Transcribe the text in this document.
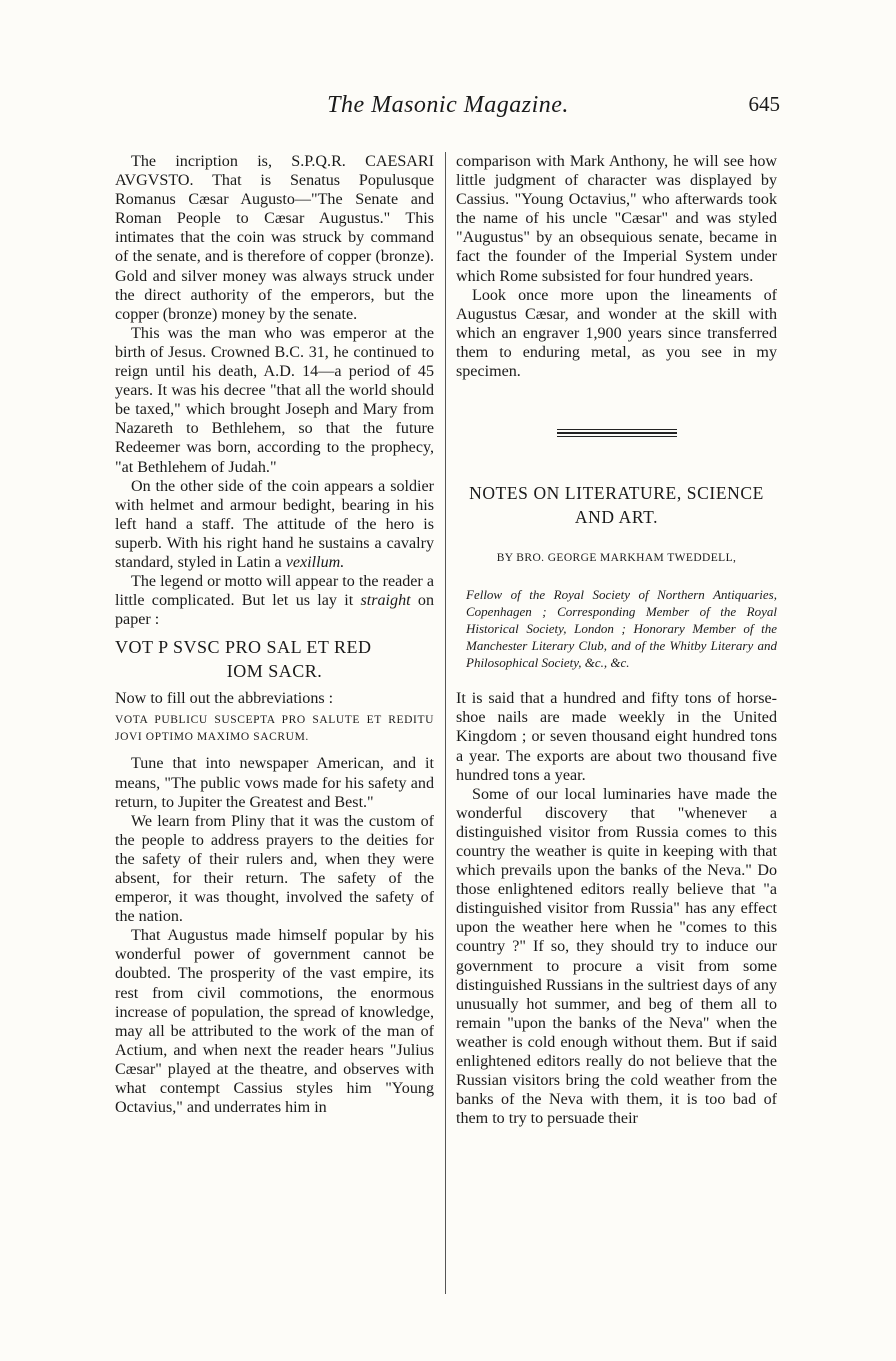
The Masonic Magazine.	645

The incription is, S.P.Q.R. CAESARI AVGVSTO. That is Senatus Populusque Romanus Cæsar Augusto—"The Senate and Roman People to Cæsar Augustus." This intimates that the coin was struck by command of the senate, and is therefore of copper (bronze). Gold and silver money was always struck under the direct authority of the emperors, but the copper (bronze) money by the senate.

This was the man who was emperor at the birth of Jesus. Crowned B.C. 31, he continued to reign until his death, A.D. 14—a period of 45 years. It was his decree "that all the world should be taxed," which brought Joseph and Mary from Nazareth to Bethlehem, so that the future Redeemer was born, according to the prophecy, "at Bethlehem of Judah."

On the other side of the coin appears a soldier with helmet and armour bedight, bearing in his left hand a staff. The attitude of the hero is superb. With his right hand he sustains a cavalry standard, styled in Latin a vexillum.

The legend or motto will appear to the reader a little complicated. But let us lay it straight on paper :

VOT P SVSC PRO SAL ET RED
IOM SACR.

Now to fill out the abbreviations :

VOTA PUBLICU SUSCEPTA PRO SALUTE ET REDITU JOVI OPTIMO MAXIMO SACRUM.

Tune that into newspaper American, and it means, "The public vows made for his safety and return, to Jupiter the Greatest and Best."

We learn from Pliny that it was the custom of the people to address prayers to the deities for the safety of their rulers and, when they were absent, for their return. The safety of the emperor, it was thought, involved the safety of the nation.

That Augustus made himself popular by his wonderful power of government cannot be doubted. The prosperity of the vast empire, its rest from civil commotions, the enormous increase of population, the spread of knowledge, may all be attributed to the work of the man of Actium, and when next the reader hears "Julius Cæsar" played at the theatre, and observes with what contempt Cassius styles him "Young Octavius," and underrates him in

comparison with Mark Anthony, he will see how little judgment of character was displayed by Cassius. "Young Octavius," who afterwards took the name of his uncle "Cæsar" and was styled "Augustus" by an obsequious senate, became in fact the founder of the Imperial System under which Rome subsisted for four hundred years.

Look once more upon the lineaments of Augustus Cæsar, and wonder at the skill with which an engraver 1,900 years since transferred them to enduring metal, as you see in my specimen.

NOTES ON LITERATURE, SCIENCE AND ART.

BY BRO. GEORGE MARKHAM TWEDDELL,

Fellow of the Royal Society of Northern Antiquaries, Copenhagen ; Corresponding Member of the Royal Historical Society, London ; Honorary Member of the Manchester Literary Club, and of the Whitby Literary and Philosophical Society, &c., &c.

It is said that a hundred and fifty tons of horse-shoe nails are made weekly in the United Kingdom ; or seven thousand eight hundred tons a year. The exports are about two thousand five hundred tons a year.

Some of our local luminaries have made the wonderful discovery that "whenever a distinguished visitor from Russia comes to this country the weather is quite in keeping with that which prevails upon the banks of the Neva." Do those enlightened editors really believe that "a distinguished visitor from Russia" has any effect upon the weather here when he "comes to this country ?" If so, they should try to induce our government to procure a visit from some distinguished Russians in the sultriest days of any unusually hot summer, and beg of them all to remain "upon the banks of the Neva" when the weather is cold enough without them. But if said enlightened editors really do not believe that the Russian visitors bring the cold weather from the banks of the Neva with them, it is too bad of them to try to persuade their
